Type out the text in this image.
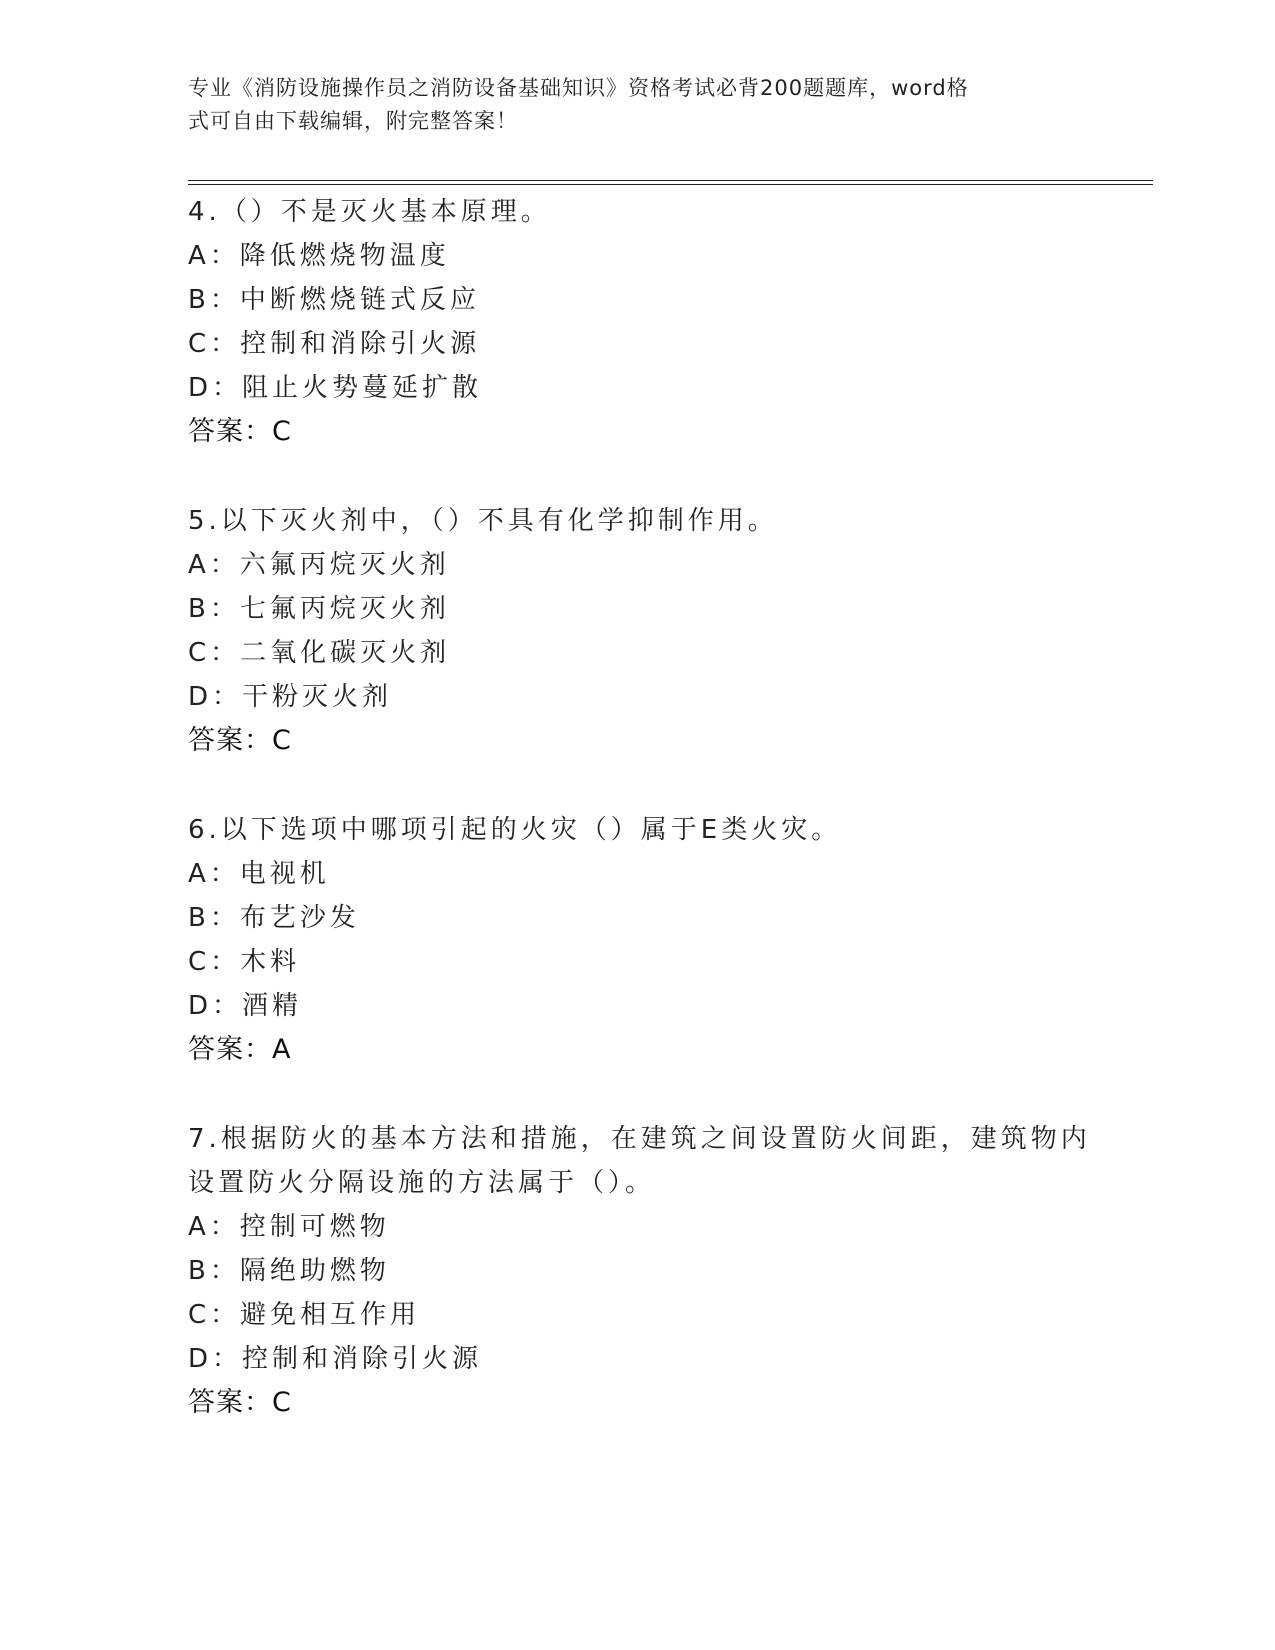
专业《消防设施操作员之消防设备基础知识》资格考试必背200题题库，word格
式可自由下载编辑，附完整答案！
4.（）不是灭火基本原理。
A：降低燃烧物温度
B：中断燃烧链式反应
C：控制和消除引火源
D：阻止火势蔓延扩散
答案：C
5.以下灭火剂中，（）不具有化学抑制作用。
A：六氟丙烷灭火剂
B：七氟丙烷灭火剂
C：二氧化碳灭火剂
D：干粉灭火剂
答案：C
6.以下选项中哪项引起的火灾（）属于E类火灾。
A：电视机
B：布艺沙发
C：木料
D：酒精
答案：A
7.根据防火的基本方法和措施，在建筑之间设置防火间距，建筑物内
设置防火分隔设施的方法属于（）。
A：控制可燃物
B：隔绝助燃物
C：避免相互作用
D：控制和消除引火源
答案：C
